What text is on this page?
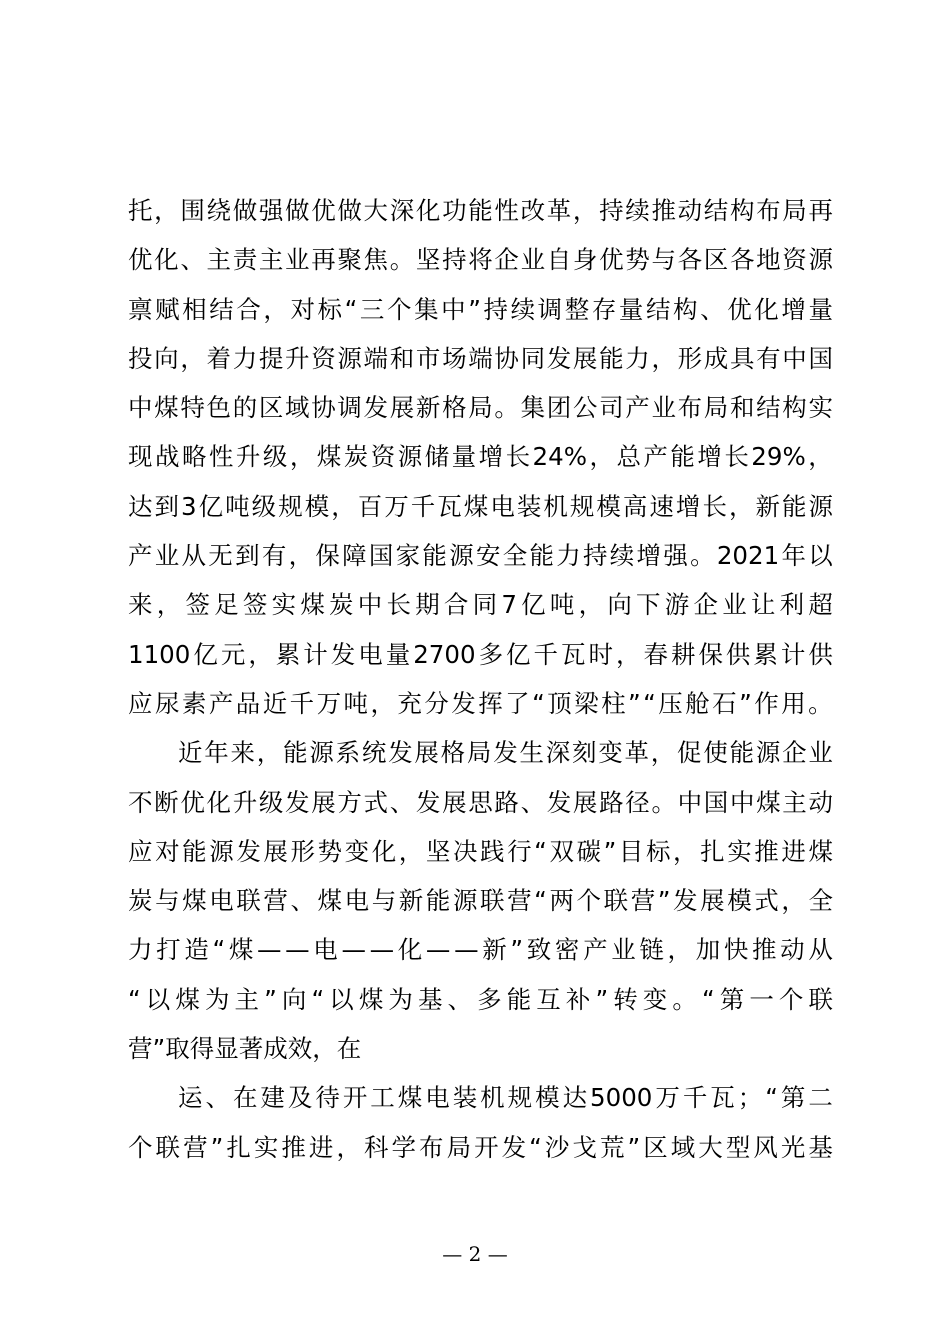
托 ， 围 绕 做 强 做 优 做 大 深 化 功 能 性 改 革 ， 持 续 推 动 结 构 布 局 再
优 化 、 主 责 主 业 再 聚 焦 。 坚 持 将 企 业 自 身 优 势 与 各 区 各 地 资 源
禀 赋 相 结 合 ， 对 标 “ 三 个 集 中 ” 持 续 调 整 存 量 结 构 、 优 化 增 量
投 向 ， 着 力 提 升 资 源 端 和 市 场 端 协 同 发 展 能 力 ， 形 成 具 有 中 国
中 煤 特 色 的 区 域 协 调 发 展 新 格 局 。 集 团 公 司 产 业 布 局 和 结 构 实
现 战 略 性 升 级 ， 煤 炭 资 源 储 量 增 长 24% ， 总 产 能 增 长 29% ，
达 到 3 亿 吨 级 规 模 ， 百 万 千 瓦 煤 电 装 机 规 模 高 速 增 长 ， 新 能 源
产 业 从 无 到 有 ， 保 障 国 家 能 源 安 全 能 力 持 续 增 强 。 2021 年 以
来 ， 签 足 签 实 煤 炭 中 长 期 合 同 7 亿 吨 ， 向 下 游 企 业 让 利 超
1100 亿 元 ， 累 计 发 电 量 2700 多 亿 千 瓦 时 ， 春 耕 保 供 累 计 供
应 尿 素 产 品 近 千 万 吨 ， 充 分 发 挥 了 “ 顶 梁 柱 ” “ 压 舱 石 ” 作 用 。
近 年 来 ， 能 源 系 统 发 展 格 局 发 生 深 刻 变 革 ， 促 使 能 源 企 业
不 断 优 化 升 级 发 展 方 式 、 发 展 思 路 、 发 展 路 径 。 中 国 中 煤 主 动
应 对 能 源 发 展 形 势 变 化 ， 坚 决 践 行 “ 双 碳 ” 目 标 ， 扎 实 推 进 煤
炭 与 煤 电 联 营 、 煤 电 与 新 能 源 联 营 “ 两 个 联 营 ” 发 展 模 式 ， 全
力 打 造 “ 煤 — — 电 — — 化 — — 新 ” 致 密 产 业 链 ， 加 快 推 动 从
“ 以 煤 为 主 ” 向 “ 以 煤 为 基 、 多 能 互 补 ” 转 变 。 “ 第 一 个 联
营”取得显著成效，在
运 、 在 建 及 待 开 工 煤 电 装 机 规 模 达 5000 万 千 瓦 ； “ 第 二
个 联 营 ” 扎 实 推 进 ， 科 学 布 局 开 发 “ 沙 戈 荒 ” 区 域 大 型 风 光 基
— 2 —
